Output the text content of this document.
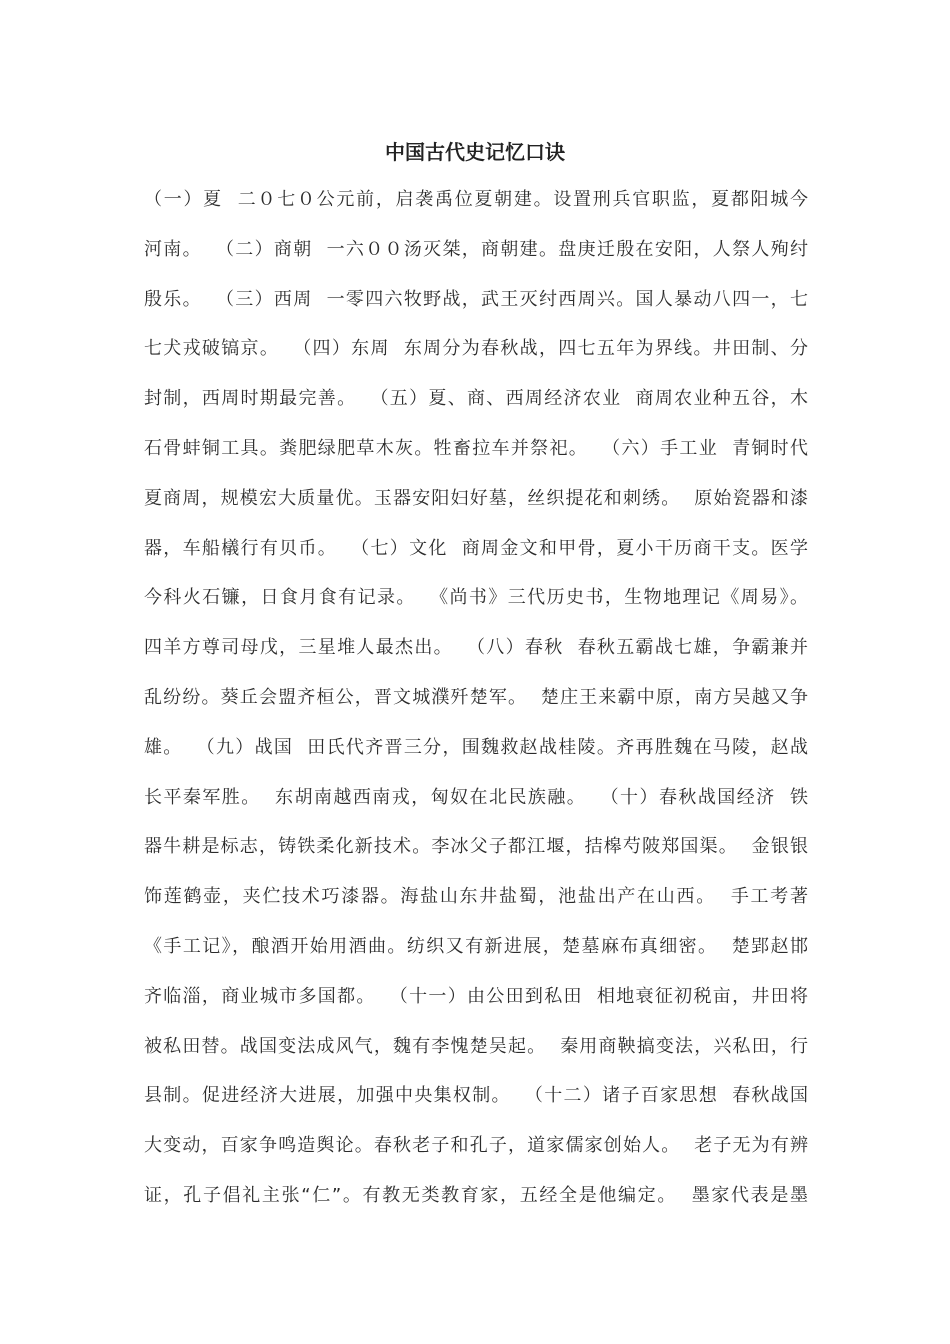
中国古代史记忆口诀
（一）夏  二０七０公元前，启袭禹位夏朝建。设置刑兵官职监，夏都阳城今
河南。  （二）商朝  一六００汤灭桀，商朝建。盘庚迁殷在安阳，人祭人殉纣
殷乐。  （三）西周  一零四六牧野战，武王灭纣西周兴。国人暴动八四一，七
七犬戎破镐京。  （四）东周  东周分为春秋战，四七五年为界线。井田制、分
封制，西周时期最完善。  （五）夏、商、西周经济农业  商周农业种五谷，木
石骨蚌铜工具。粪肥绿肥草木灰。牲畜拉车并祭祀。  （六）手工业  青铜时代
夏商周，规模宏大质量优。玉器安阳妇好墓，丝织提花和刺绣。  原始瓷器和漆
器，车船檥行有贝币。  （七）文化  商周金文和甲骨，夏小干历商干支。医学
今科火石镰，日食月食有记录。  《尚书》三代历史书，生物地理记《周易》。
四羊方尊司母戊，三星堆人最杰出。  （八）春秋  春秋五霸战七雄，争霸兼并
乱纷纷。葵丘会盟齐桓公，晋文城濮歼楚军。  楚庄王来霸中原，南方吴越又争
雄。  （九）战国  田氏代齐晋三分，围魏救赵战桂陵。齐再胜魏在马陵，赵战
长平秦军胜。  东胡南越西南戎，匈奴在北民族融。  （十）春秋战国经济  铁
器牛耕是标志，铸铁柔化新技术。李冰父子都江堰，拮槔芍陂郑国渠。  金银银
饰莲鹤壶，夹伫技术巧漆器。海盐山东井盐蜀，池盐出产在山西。  手工考著
《手工记》，酿酒开始用酒曲。纺织又有新进展，楚墓麻布真细密。  楚郢赵邯
齐临淄，商业城市多国都。  （十一）由公田到私田  相地衰征初税亩，井田将
被私田替。战国变法成风气，魏有李愧楚吴起。  秦用商鞅搞变法，兴私田，行
县制。促进经济大进展，加强中央集权制。  （十二）诸子百家思想  春秋战国
大变动，百家争鸣造舆论。春秋老子和孔子，道家儒家创始人。  老子无为有辨
证，孔子倡礼主张“仁”。有教无类教育家，五经全是他编定。  墨家代表是墨
